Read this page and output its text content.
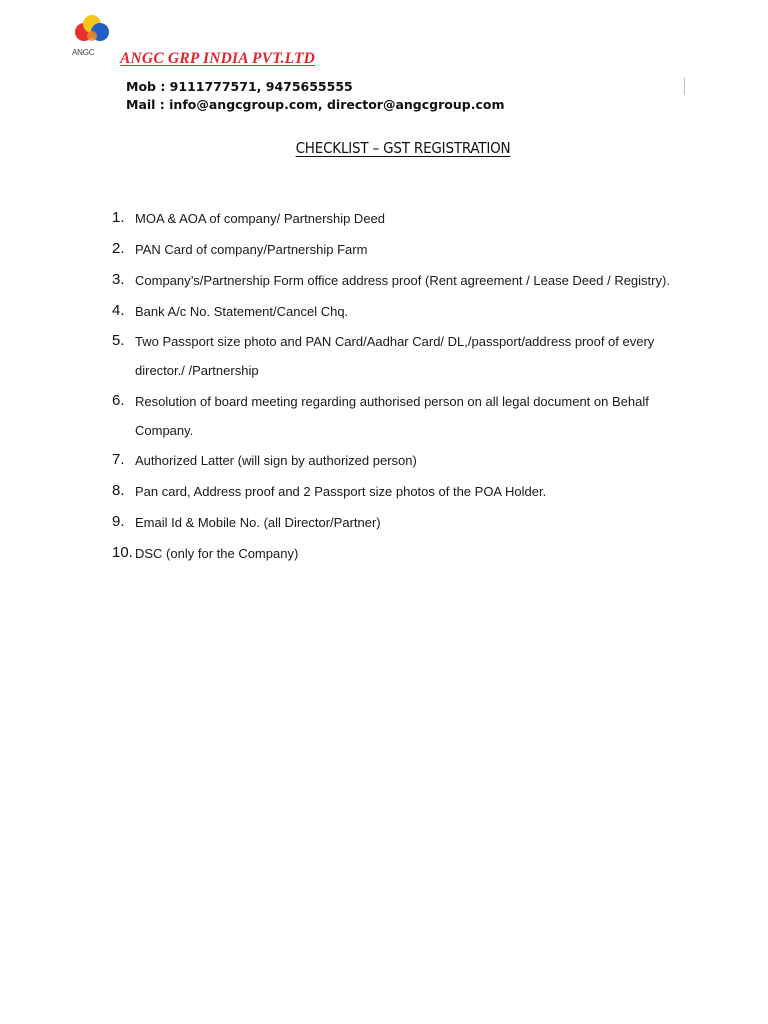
ANGC	ANGC GRP INDIA PVT.LTD
Mob : 9111777571, 9475655555
Mail : info@angcgroup.com, director@angcgroup.com
CHECKLIST – GST REGISTRATION
1. MOA & AOA of company/ Partnership Deed
2. PAN Card of company/Partnership Farm
3. Company’s/Partnership Form office address proof (Rent agreement / Lease Deed / Registry).
4. Bank A/c No. Statement/Cancel Chq.
5. Two Passport size photo and PAN Card/Aadhar Card/ DL,/passport/address proof of every
director./ /Partnership
6. Resolution of board meeting regarding authorised person on all legal document on Behalf
Company.
7. Authorized Latter (will sign by authorized person)
8. Pan card, Address proof and 2 Passport size photos of the POA Holder.
9. Email Id & Mobile No. (all Director/Partner)
10. DSC (only for the Company)
